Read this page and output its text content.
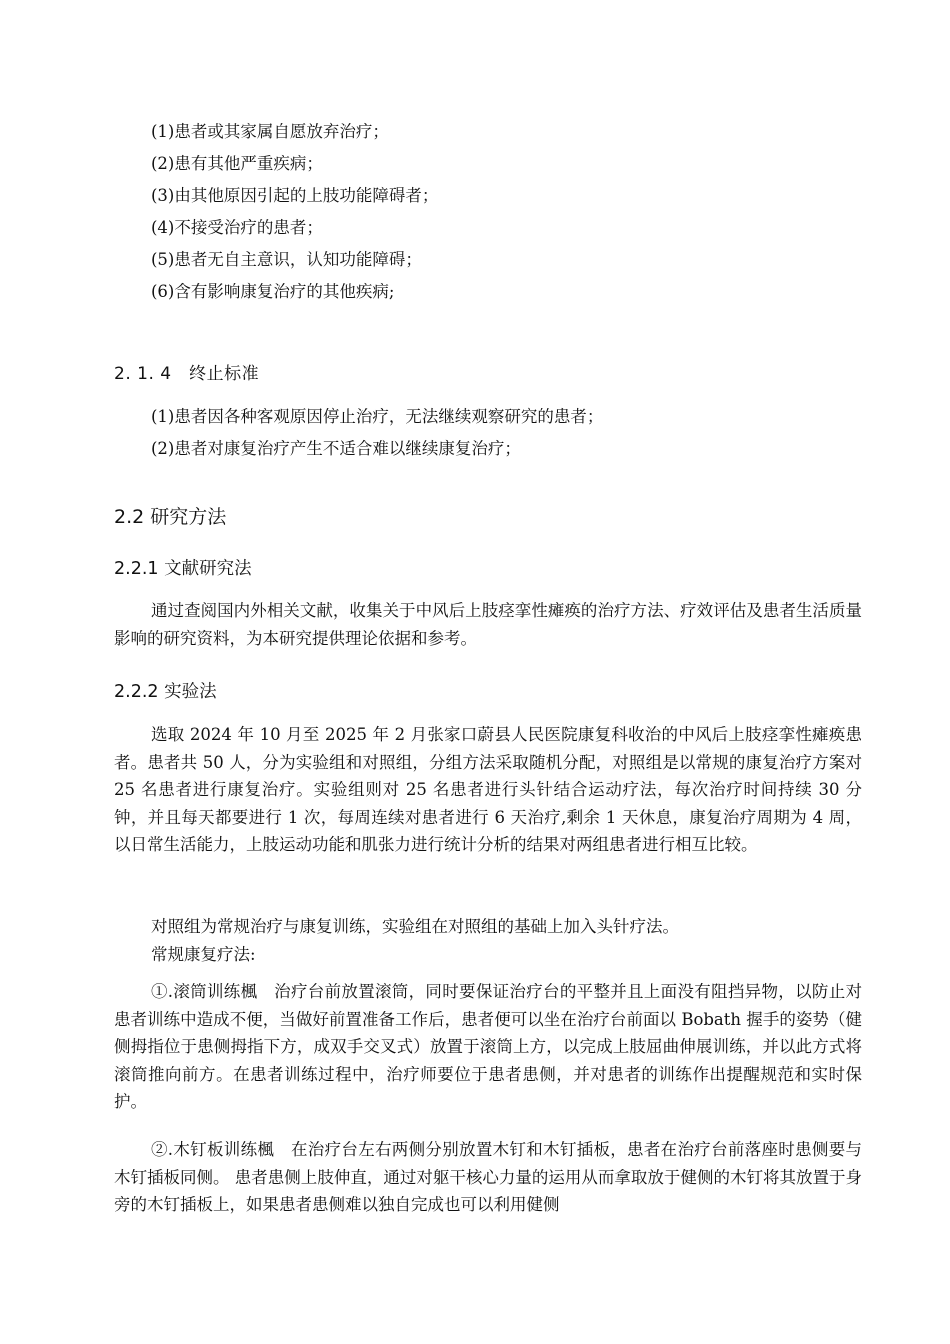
(1)患者或其家属自愿放弃治疗；
(2)患有其他严重疾病；
(3)由其他原因引起的上肢功能障碍者；
(4)不接受治疗的患者；
(5)患者无自主意识，认知功能障碍；
(6)含有影响康复治疗的其他疾病;
2. 1. 4　终止标准
(1)患者因各种客观原因停止治疗，无法继续观察研究的患者；
(2)患者对康复治疗产生不适合难以继续康复治疗；
2.2 研究方法
2.2.1 文献研究法

通过查阅国内外相关文献，收集关于中风后上肢痉挛性瘫痪的治疗方法、疗效评估及患者生活质量影响的研究资料，为本研究提供理论依据和参考。

2.2.2 实验法

选取 2024 年 10 月至 2025 年 2 月张家口蔚县人民医院康复科收治的中风后上肢痉挛性瘫痪患者。患者共 50 人，分为实验组和对照组，分组方法采取随机分配，对照组是以常规的康复治疗方案对 25 名患者进行康复治疗。实验组则对 25 名患者进行头针结合运动疗法，每次治疗时间持续 30 分钟，并且每天都要进行 1 次，每周连续对患者进行 6 天治疗,剩余 1 天休息，康复治疗周期为 4 周，以日常生活能力，上肢运动功能和肌张力进行统计分析的结果对两组患者进行相互比较。

对照组为常规治疗与康复训练，实验组在对照组的基础上加入头针疗法。

常规康复疗法:

①.滚筒训练楓　治疗台前放置滚筒，同时要保证治疗台的平整并且上面没有阻挡异物，以防止对患者训练中造成不便，当做好前置准备工作后，患者便可以坐在治疗台前面以 Bobath 握手的姿势（健侧拇指位于患侧拇指下方，成双手交叉式）放置于滚筒上方，以完成上肢屈曲伸展训练，并以此方式将滚筒推向前方。在患者训练过程中，治疗师要位于患者患侧，并对患者的训练作出提醒规范和实时保护。

②.木钉板训练楓　在治疗台左右两侧分别放置木钉和木钉插板，患者在治疗台前落座时患侧要与木钉插板同侧。 患者患侧上肢伸直，通过对躯干核心力量的运用从而拿取放于健侧的木钉将其放置于身旁的木钉插板上，如果患者患侧难以独自完成也可以利用健侧
